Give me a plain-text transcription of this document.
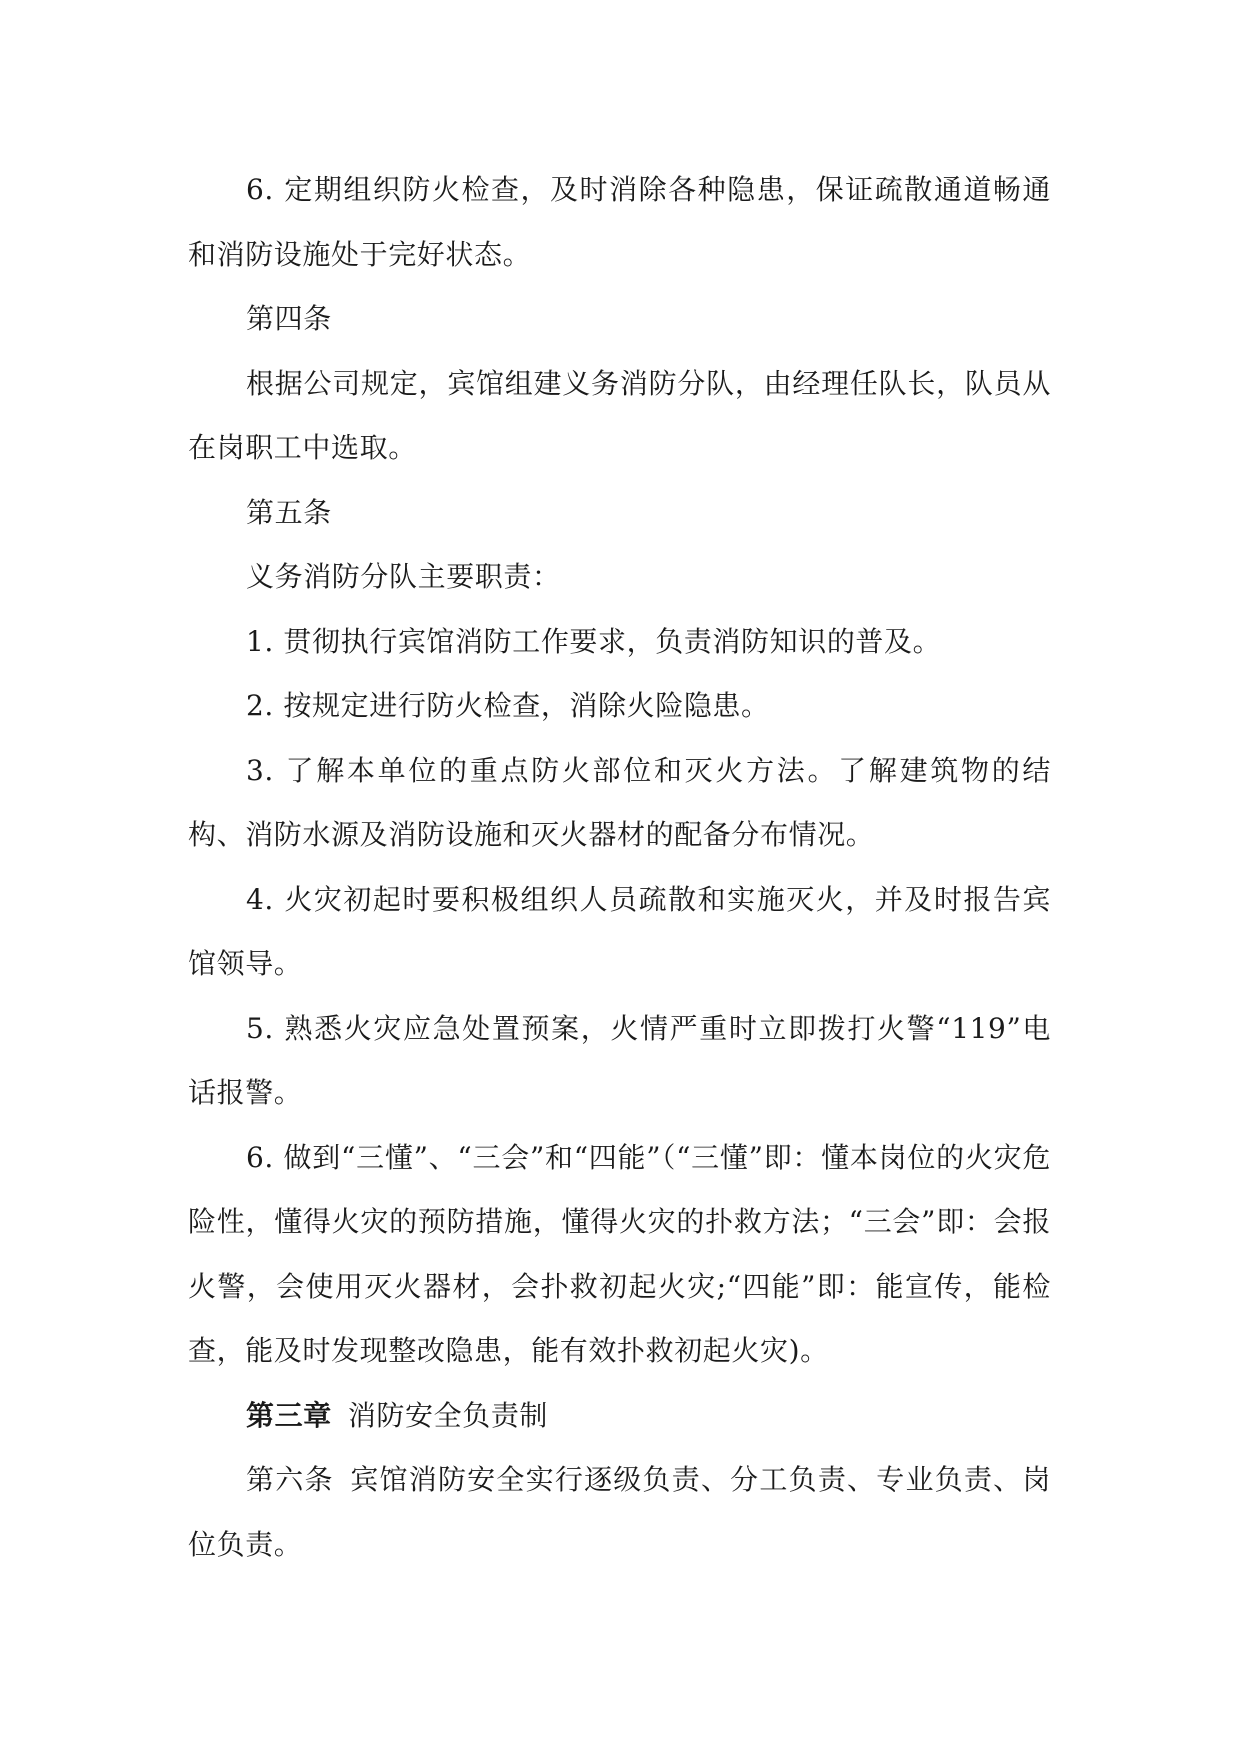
6. 定期组织防火检查，及时消除各种隐患，保证疏散通道畅通和消防设施处于完好状态。

第四条

根据公司规定，宾馆组建义务消防分队，由经理任队长，队员从在岗职工中选取。

第五条

义务消防分队主要职责：

1. 贯彻执行宾馆消防工作要求，负责消防知识的普及。

2. 按规定进行防火检查，消除火险隐患。

3. 了解本单位的重点防火部位和灭火方法。了解建筑物的结构、消防水源及消防设施和灭火器材的配备分布情况。

4. 火灾初起时要积极组织人员疏散和实施灭火，并及时报告宾馆领导。

5. 熟悉火灾应急处置预案，火情严重时立即拨打火警“119”电话报警。

6. 做到“三懂”、“三会”和“四能”（“三懂”即：懂本岗位的火灾危险性，懂得火灾的预防措施，懂得火灾的扑救方法；“三会”即：会报火警，会使用灭火器材，会扑救初起火灾;“四能”即：能宣传，能检查，能及时发现整改隐患，能有效扑救初起火灾)。

第三章 消防安全负责制

第六条 宾馆消防安全实行逐级负责、分工负责、专业负责、岗位负责。
